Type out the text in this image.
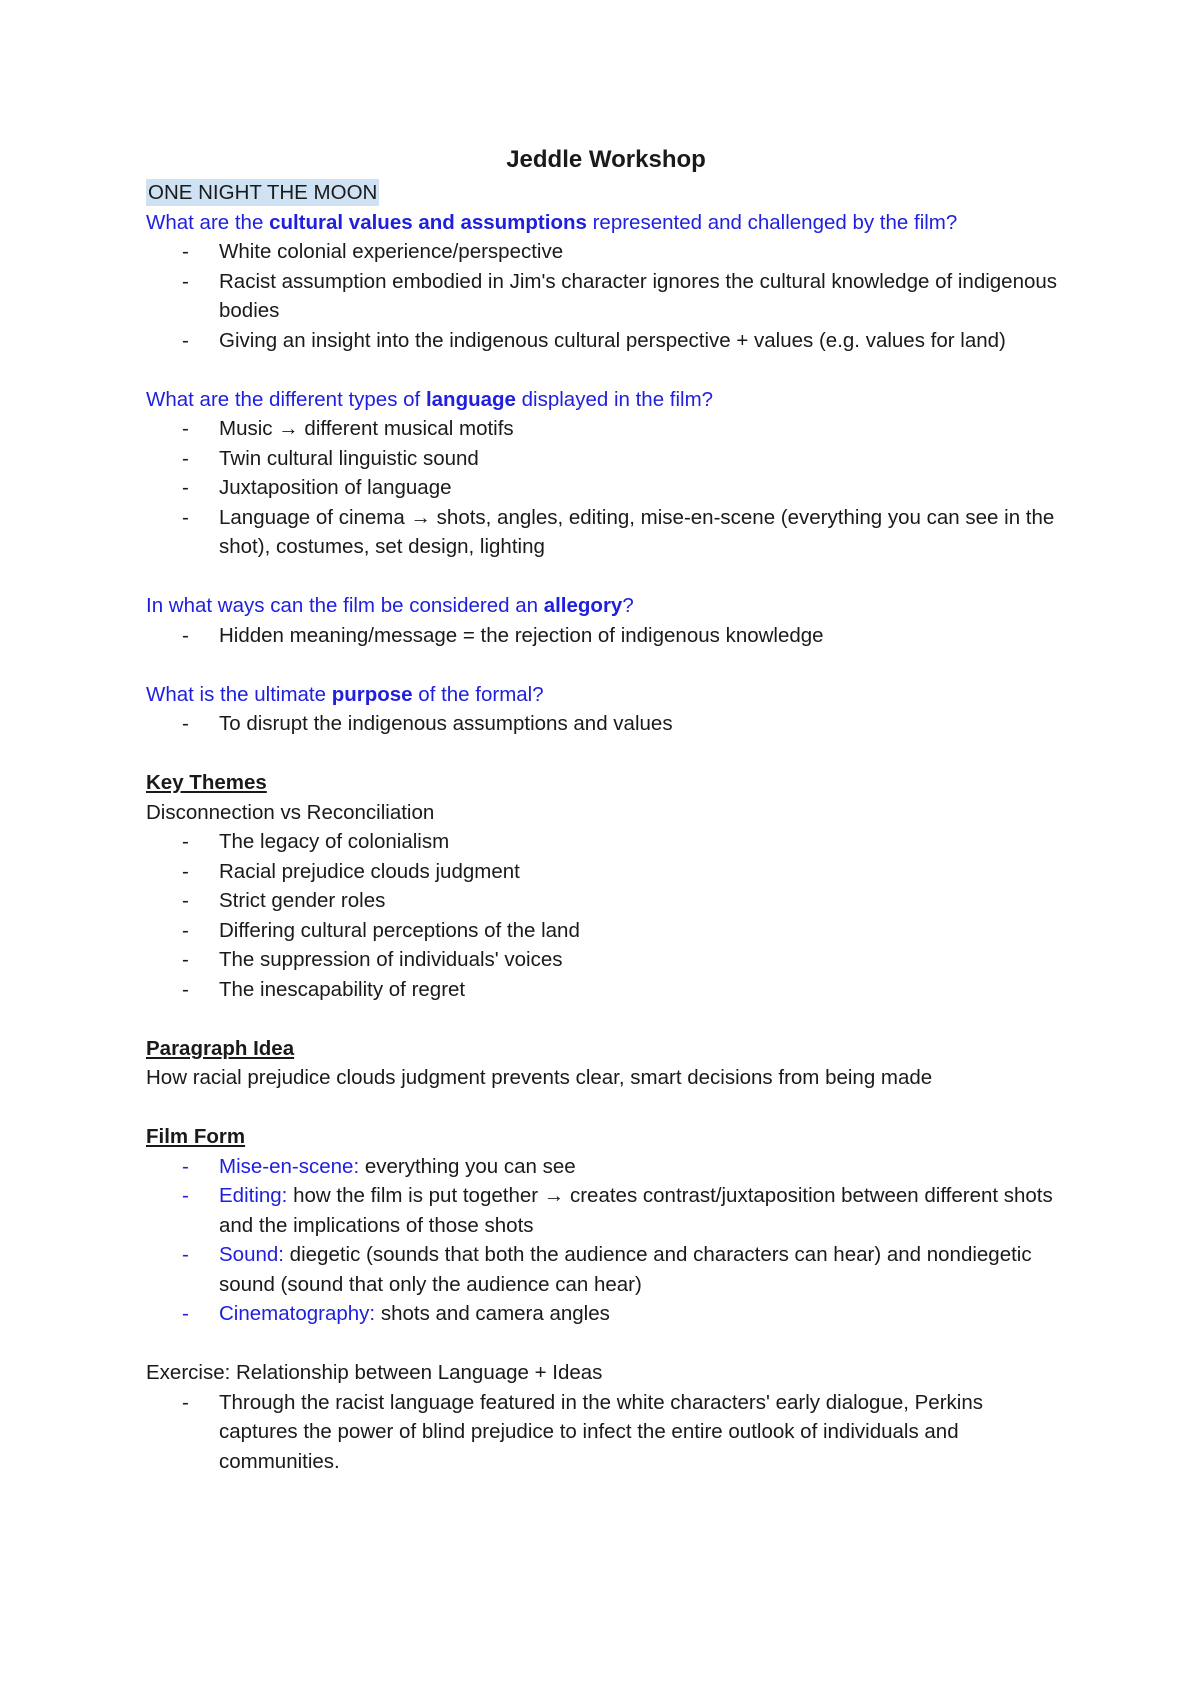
Jeddle Workshop
ONE NIGHT THE MOON
What are the cultural values and assumptions represented and challenged by the film?
- White colonial experience/perspective
- Racist assumption embodied in Jim's character ignores the cultural knowledge of indigenous bodies
- Giving an insight into the indigenous cultural perspective + values (e.g. values for land)
What are the different types of language displayed in the film?
- Music → different musical motifs
- Twin cultural linguistic sound
- Juxtaposition of language
- Language of cinema → shots, angles, editing, mise-en-scene (everything you can see in the shot), costumes, set design, lighting
In what ways can the film be considered an allegory?
- Hidden meaning/message = the rejection of indigenous knowledge
What is the ultimate purpose of the formal?
- To disrupt the indigenous assumptions and values
Key Themes
Disconnection vs Reconciliation
- The legacy of colonialism
- Racial prejudice clouds judgment
- Strict gender roles
- Differing cultural perceptions of the land
- The suppression of individuals' voices
- The inescapability of regret
Paragraph Idea
How racial prejudice clouds judgment prevents clear, smart decisions from being made
Film Form
- Mise-en-scene: everything you can see
- Editing: how the film is put together → creates contrast/juxtaposition between different shots and the implications of those shots
- Sound: diegetic (sounds that both the audience and characters can hear) and nondiegetic sound (sound that only the audience can hear)
- Cinematography: shots and camera angles
Exercise: Relationship between Language + Ideas
- Through the racist language featured in the white characters' early dialogue, Perkins captures the power of blind prejudice to infect the entire outlook of individuals and communities.
